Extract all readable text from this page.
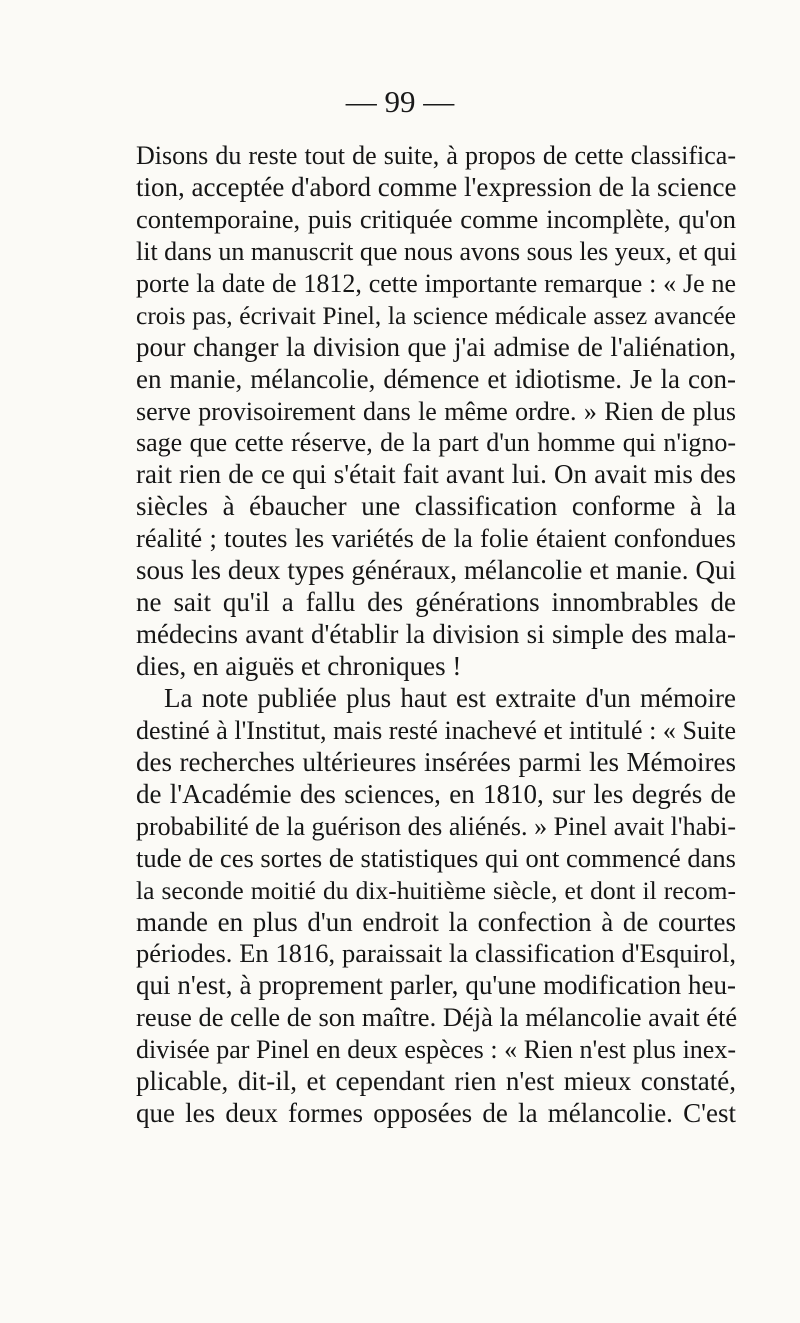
— 99 —
Disons du reste tout de suite, à propos de cette classifica-
tion, acceptée d'abord comme l'expression de la science
contemporaine, puis critiquée comme incomplète, qu'on
lit dans un manuscrit que nous avons sous les yeux, et qui
porte la date de 1812, cette importante remarque : « Je ne
crois pas, écrivait Pinel, la science médicale assez avancée
pour changer la division que j'ai admise de l'aliénation,
en manie, mélancolie, démence et idiotisme. Je la con-
serve provisoirement dans le même ordre. » Rien de plus
sage que cette réserve, de la part d'un homme qui n'igno-
rait rien de ce qui s'était fait avant lui. On avait mis des
siècles à ébaucher une classification conforme à la
réalité ; toutes les variétés de la folie étaient confondues
sous les deux types généraux, mélancolie et manie. Qui
ne sait qu'il a fallu des générations innombrables de
médecins avant d'établir la division si simple des mala-
dies, en aiguës et chroniques !
La note publiée plus haut est extraite d'un mémoire
destiné à l'Institut, mais resté inachevé et intitulé : « Suite
des recherches ultérieures insérées parmi les Mémoires
de l'Académie des sciences, en 1810, sur les degrés de
probabilité de la guérison des aliénés. » Pinel avait l'habi-
tude de ces sortes de statistiques qui ont commencé dans
la seconde moitié du dix-huitième siècle, et dont il recom-
mande en plus d'un endroit la confection à de courtes
périodes. En 1816, paraissait la classification d'Esquirol,
qui n'est, à proprement parler, qu'une modification heu-
reuse de celle de son maître. Déjà la mélancolie avait été
divisée par Pinel en deux espèces : « Rien n'est plus inex-
plicable, dit-il, et cependant rien n'est mieux constaté,
que les deux formes opposées de la mélancolie. C'est
